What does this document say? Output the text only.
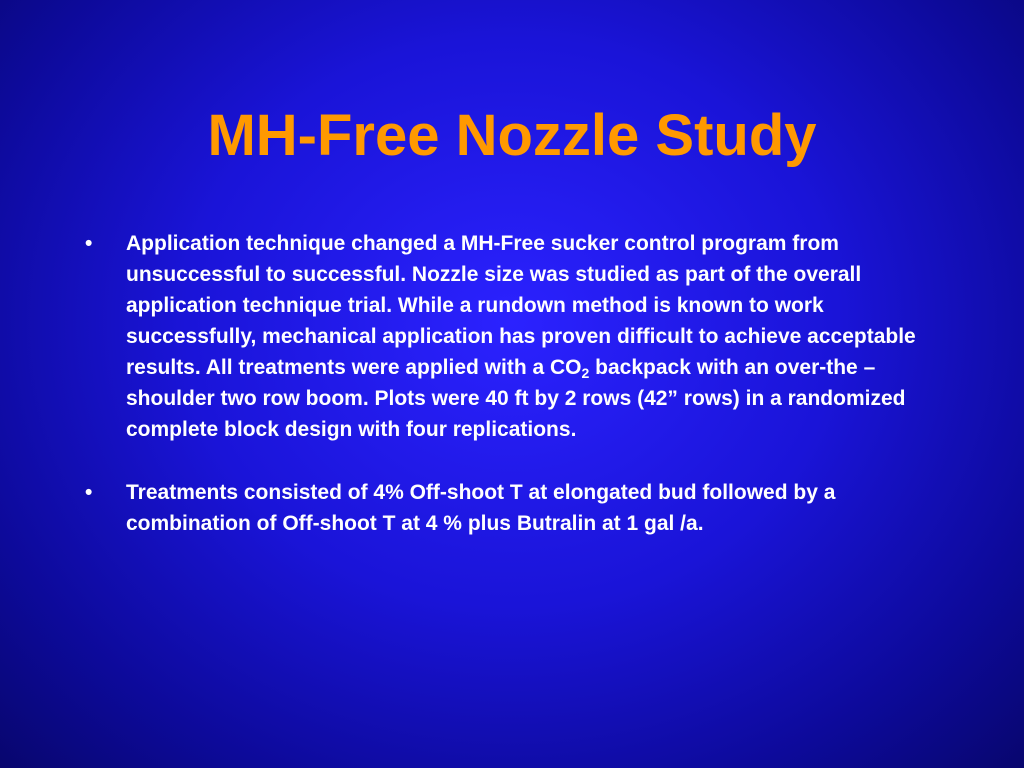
MH-Free Nozzle Study
•	Application technique changed a MH-Free sucker control program from unsuccessful to successful. Nozzle size was studied as part of the overall application technique trial. While a rundown method is known to work successfully, mechanical application has proven difficult to achieve acceptable results. All treatments were applied with a $CO_2$ backpack with an over-the –shoulder two row boom. Plots were 40 ft by 2 rows (42” rows) in a randomized complete block design with four replications.
•	Treatments consisted of 4% Off-shoot T at elongated bud followed by a combination of Off-shoot T at 4 % plus Butralin at 1 gal /a.
